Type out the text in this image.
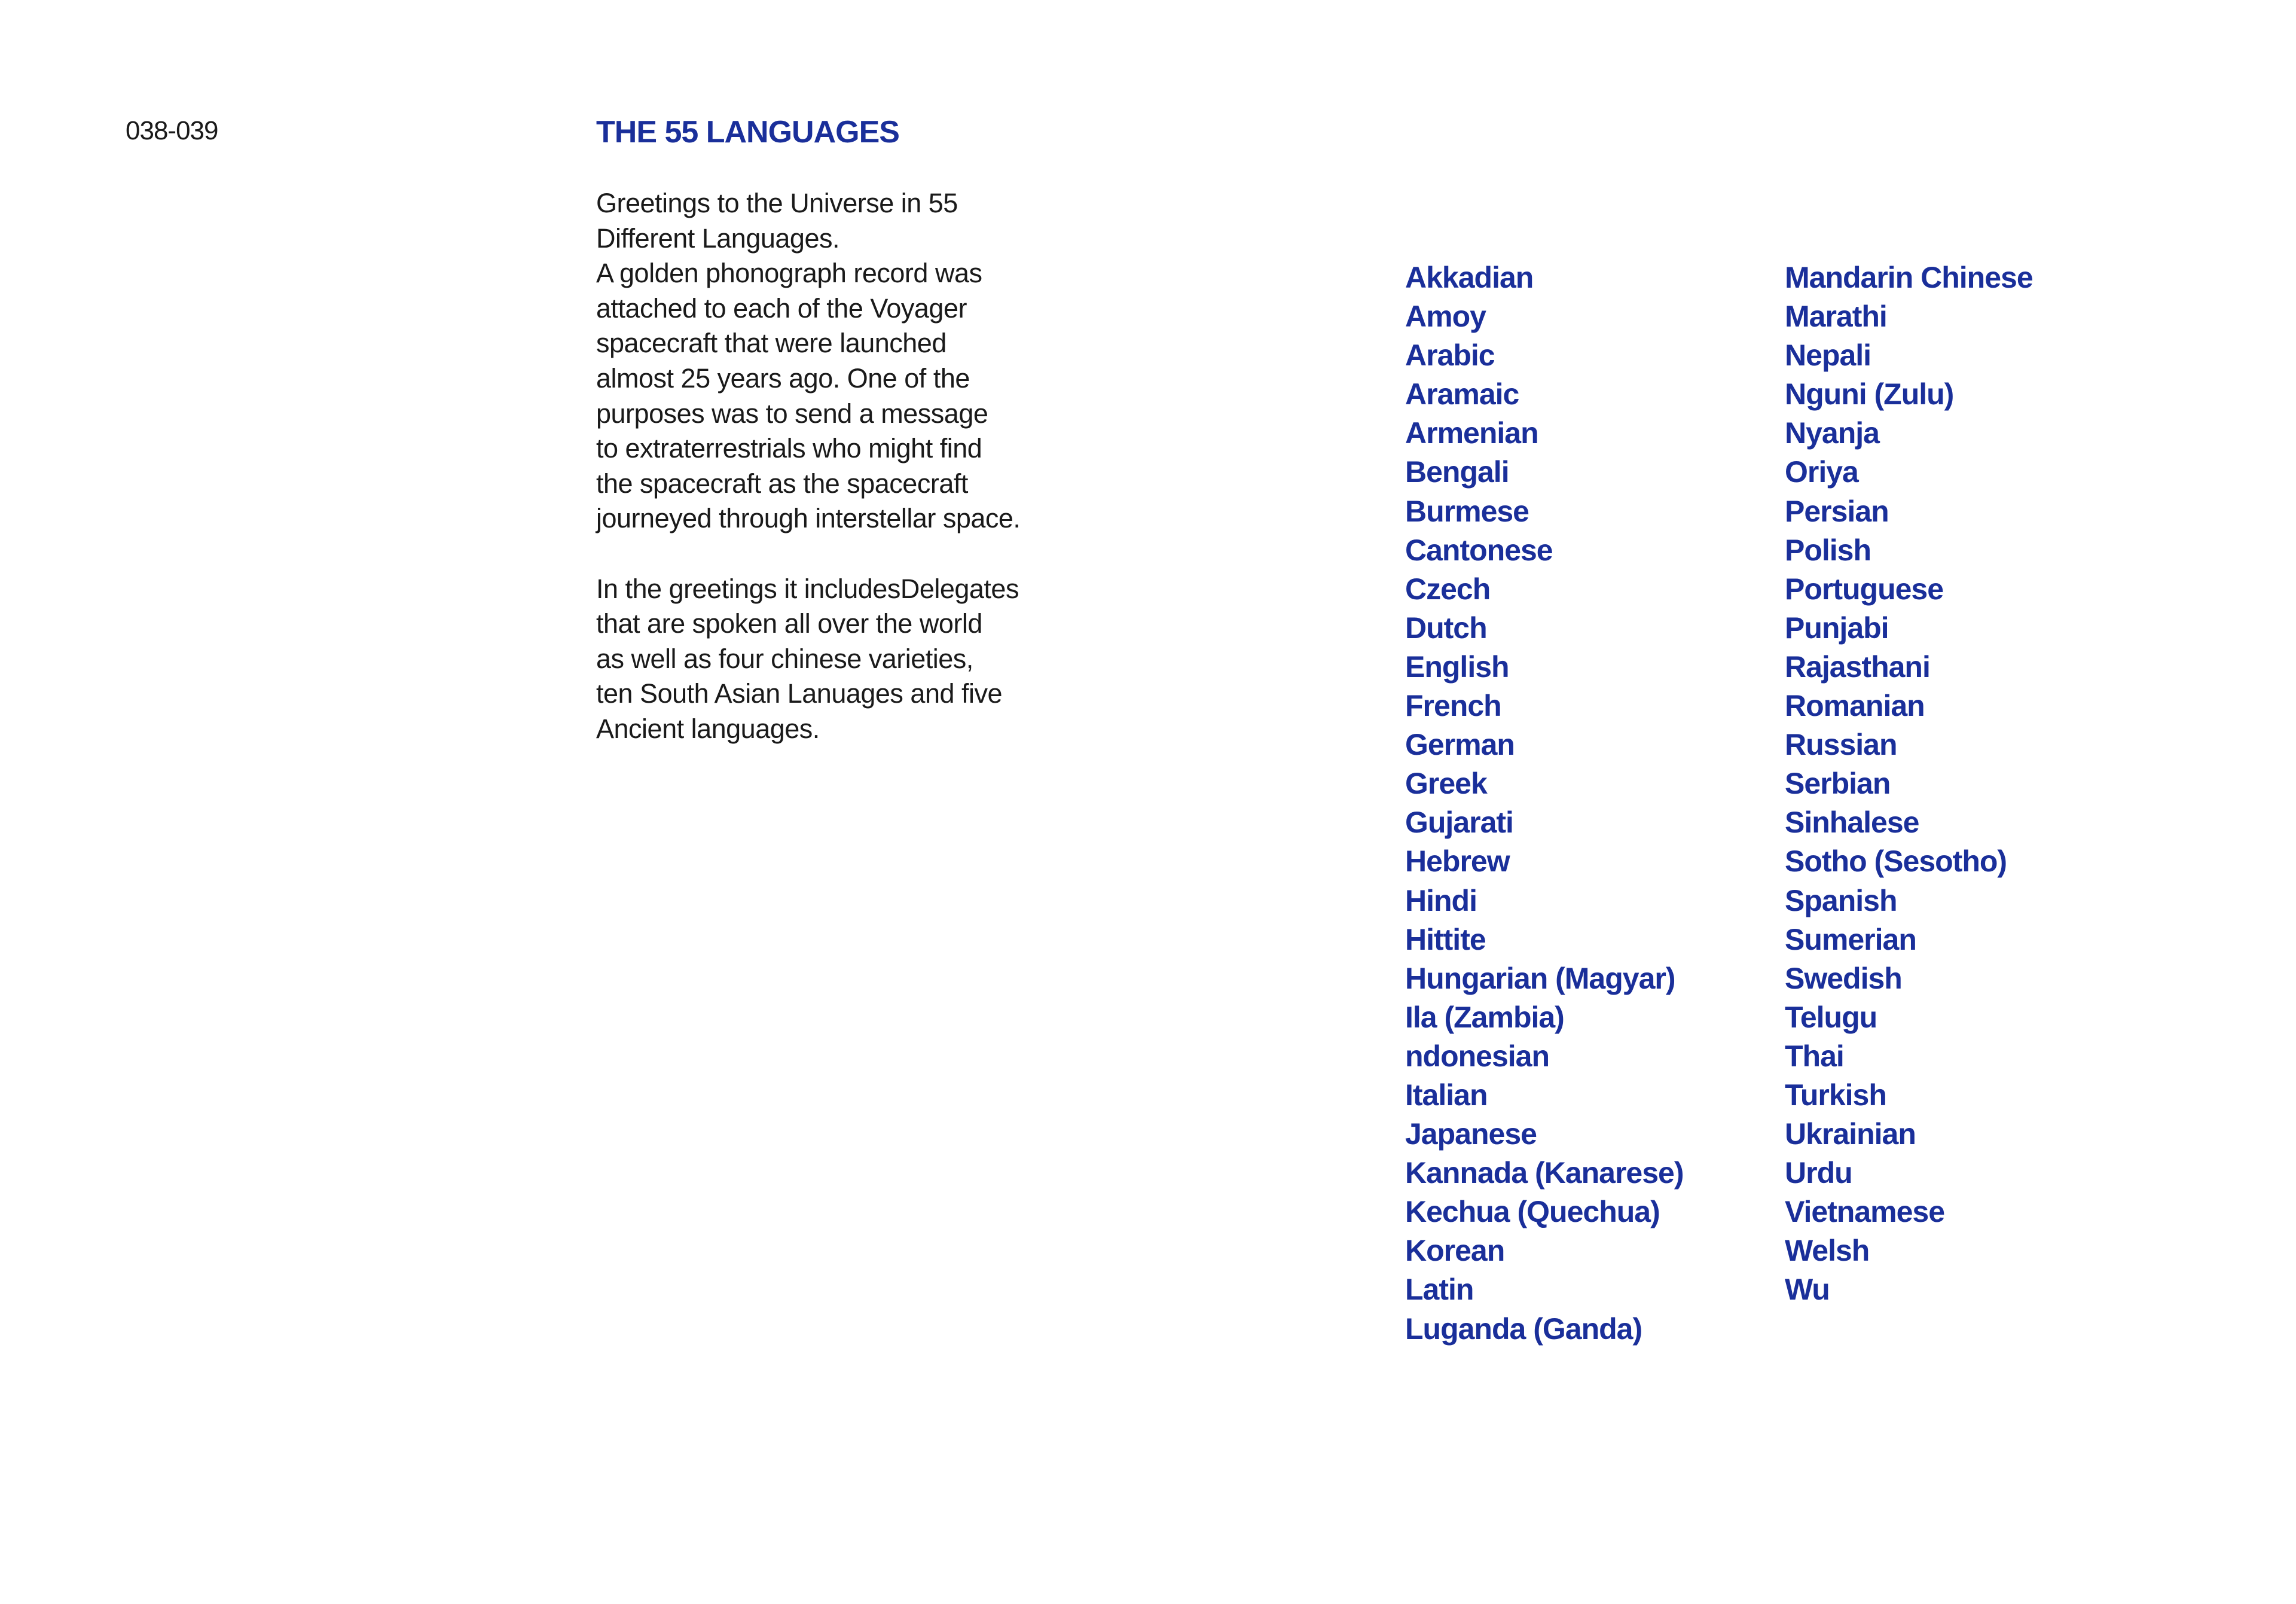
038-039	THE 55 LANGUAGES

Greetings to the Universe in 55
Different Languages.
A golden phonograph record was
attached to each of the Voyager
spacecraft that were launched
almost 25 years ago. One of the
purposes was to send a message
to extraterrestrials who might find
the spacecraft as the spacecraft
journeyed through interstellar space.

In the greetings it includesDelegates
that are spoken all over the world
as well as four chinese varieties,
ten South Asian Lanuages and five
Ancient languages.

Akkadian
Amoy
Arabic
Aramaic
Armenian
Bengali
Burmese
Cantonese
Czech
Dutch
English
French
German
Greek
Gujarati
Hebrew
Hindi
Hittite
Hungarian (Magyar)
Ila (Zambia)
ndonesian
Italian
Japanese
Kannada (Kanarese)
Kechua (Quechua)
Korean
Latin
Luganda (Ganda)
Mandarin Chinese
Marathi
Nepali
Nguni (Zulu)
Nyanja
Oriya
Persian
Polish
Portuguese
Punjabi
Rajasthani
Romanian
Russian
Serbian
Sinhalese
Sotho (Sesotho)
Spanish
Sumerian
Swedish
Telugu
Thai
Turkish
Ukrainian
Urdu
Vietnamese
Welsh
Wu
